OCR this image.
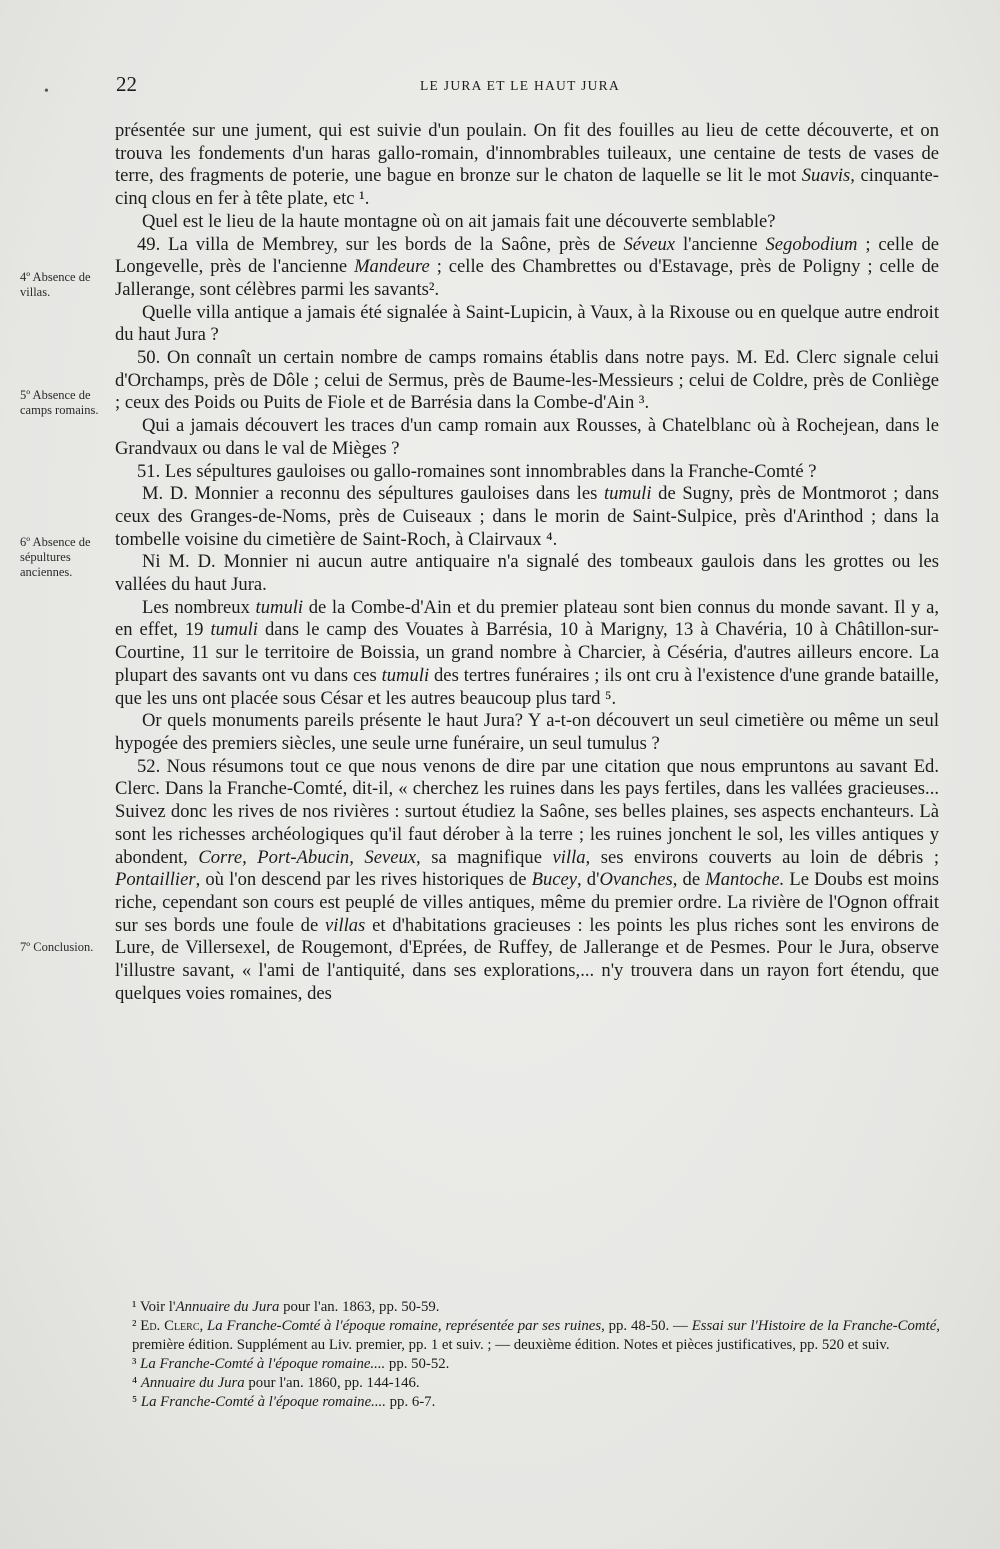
•	22	LE JURA ET LE HAUT JURA
4º Absence de villas.
5º Absence de camps romains.
6º Absence de sépultures anciennes.
7º Conclusion.

présentée sur une jument, qui est suivie d'un poulain. On fit des fouilles au lieu de cette découverte, et on trouva les fondements d'un haras gallo-romain, d'innombrables tuileaux, une centaine de tests de vases de terre, des fragments de poterie, une bague en bronze sur le chaton de laquelle se lit le mot Suavis, cinquante-cinq clous en fer à tête plate, etc ¹.

Quel est le lieu de la haute montagne où on ait jamais fait une découverte semblable?

49. La villa de Membrey, sur les bords de la Saône, près de Séveux l'ancienne Segobodium ; celle de Longevelle, près de l'ancienne Mandeure ; celle des Chambrettes ou d'Estavage, près de Poligny ; celle de Jallerange, sont célèbres parmi les savants².

Quelle villa antique a jamais été signalée à Saint-Lupicin, à Vaux, à la Rixouse ou en quelque autre endroit du haut Jura ?

50. On connaît un certain nombre de camps romains établis dans notre pays. M. Ed. Clerc signale celui d'Orchamps, près de Dôle ; celui de Sermus, près de Baume-les-Messieurs ; celui de Coldre, près de Conliège ; ceux des Poids ou Puits de Fiole et de Barrésia dans la Combe-d'Ain ³.

Qui a jamais découvert les traces d'un camp romain aux Rousses, à Chatelblanc où à Rochejean, dans le Grandvaux ou dans le val de Mièges ?

51. Les sépultures gauloises ou gallo-romaines sont innombrables dans la Franche-Comté ?

M. D. Monnier a reconnu des sépultures gauloises dans les tumuli de Sugny, près de Montmorot ; dans ceux des Granges-de-Noms, près de Cuiseaux ; dans le morin de Saint-Sulpice, près d'Arinthod ; dans la tombelle voisine du cimetière de Saint-Roch, à Clairvaux ⁴.

Ni M. D. Monnier ni aucun autre antiquaire n'a signalé des tombeaux gaulois dans les grottes ou les vallées du haut Jura.

Les nombreux tumuli de la Combe-d'Ain et du premier plateau sont bien connus du monde savant. Il y a, en effet, 19 tumuli dans le camp des Vouates à Barrésia, 10 à Marigny, 13 à Chavéria, 10 à Châtillon-sur-Courtine, 11 sur le territoire de Boissia, un grand nombre à Charcier, à Céséria, d'autres ailleurs encore. La plupart des savants ont vu dans ces tumuli des tertres funéraires ; ils ont cru à l'existence d'une grande bataille, que les uns ont placée sous César et les autres beaucoup plus tard ⁵.

Or quels monuments pareils présente le haut Jura? Y a-t-on découvert un seul cimetière ou même un seul hypogée des premiers siècles, une seule urne funéraire, un seul tumulus ?

52. Nous résumons tout ce que nous venons de dire par une citation que nous empruntons au savant Ed. Clerc. Dans la Franche-Comté, dit-il, « cherchez les ruines dans les pays fertiles, dans les vallées gracieuses... Suivez donc les rives de nos rivières : surtout étudiez la Saône, ses belles plaines, ses aspects enchanteurs. Là sont les richesses archéologiques qu'il faut dérober à la terre ; les ruines jonchent le sol, les villes antiques y abondent, Corre, Port-Abucin, Seveux, sa magnifique villa, ses environs couverts au loin de débris ; Pontaillier, où l'on descend par les rives historiques de Bucey, d'Ovanches, de Mantoche. Le Doubs est moins riche, cependant son cours est peuplé de villes antiques, même du premier ordre. La rivière de l'Ognon offrait sur ses bords une foule de villas et d'habitations gracieuses : les points les plus riches sont les environs de Lure, de Villersexel, de Rougemont, d'Eprées, de Ruffey, de Jallerange et de Pesmes. Pour le Jura, observe l'illustre savant, « l'ami de l'antiquité, dans ses explorations,... n'y trouvera dans un rayon fort étendu, que quelques voies romaines, des

¹ Voir l'Annuaire du Jura pour l'an. 1863, pp. 50-59.
² Ed. Clerc, La Franche-Comté à l'époque romaine, représentée par ses ruines, pp. 48-50. — Essai sur l'Histoire de la Franche-Comté, première édition. Supplément au Liv. premier, pp. 1 et suiv. ; — deuxième édition. Notes et pièces justificatives, pp. 520 et suiv.
³ La Franche-Comté à l'époque romaine.... pp. 50-52.
⁴ Annuaire du Jura pour l'an. 1860, pp. 144-146.
⁵ La Franche-Comté à l'époque romaine.... pp. 6-7.
